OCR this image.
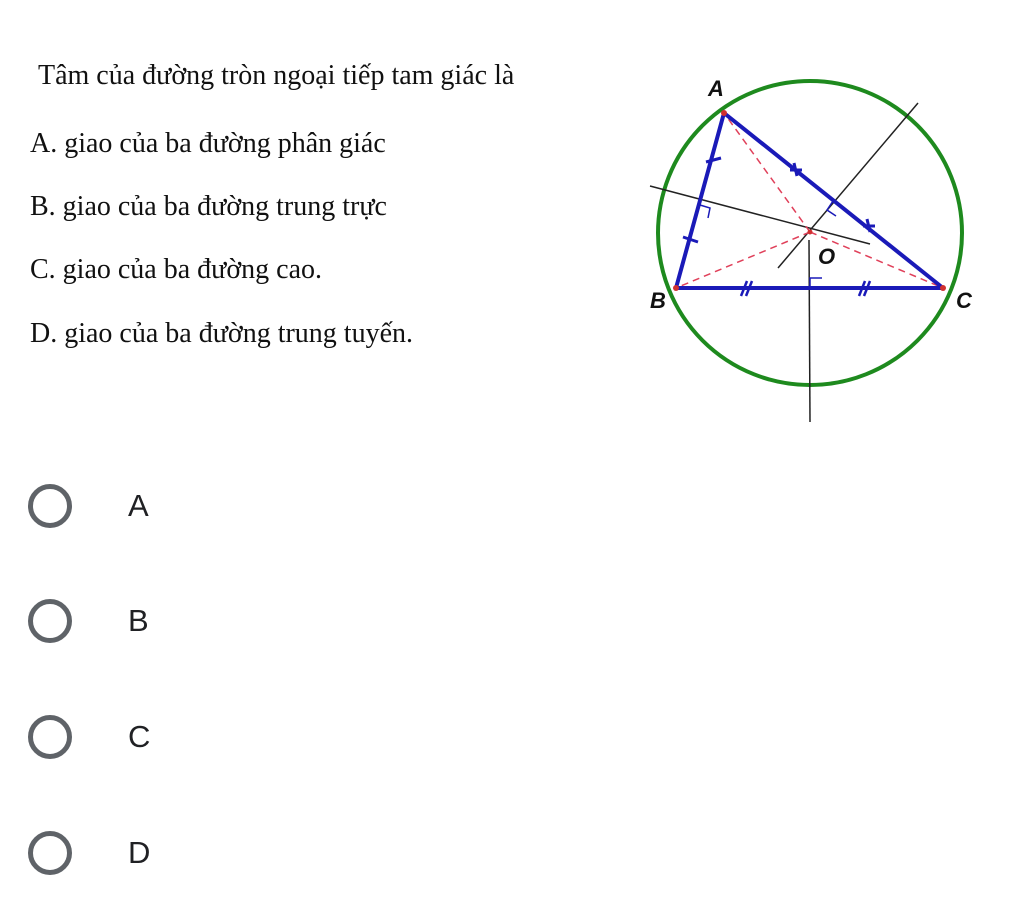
Tâm của đường tròn ngoại tiếp tam giác là
A. giao của ba đường phân giác
B. giao của ba đường trung trực
C. giao của ba đường cao.
D. giao của ba đường trung tuyến.
A
B	C
O
A
B
C
D
